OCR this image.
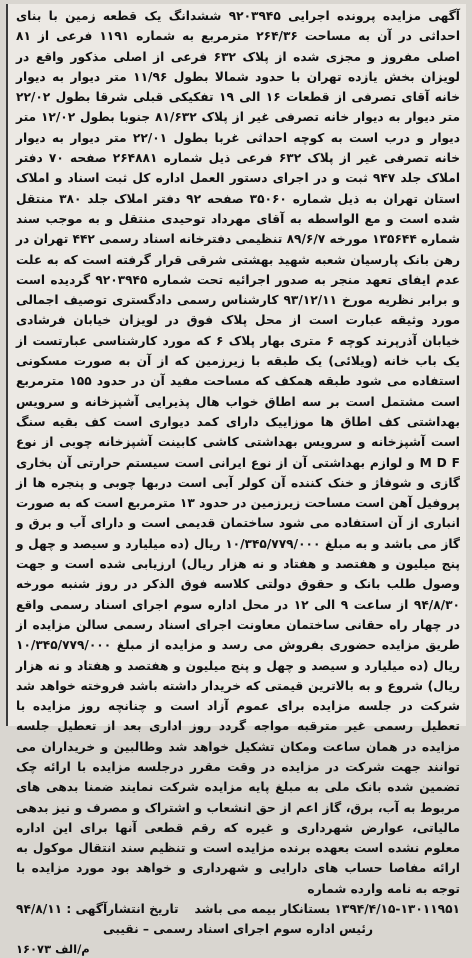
آگهی مزایده پرونده اجرایی ۹۲۰۳۹۴۵ ششدانگ یک قطعه زمین با بنای احداثی در آن به مساحت ۲۶۴/۳۶ مترمربع به شماره ۱۱۹۱ فرعی از ۸۱ اصلی مفروز و مجزی شده از پلاک ۶۳۲ فرعی از اصلی مذکور واقع در لویزان بخش یازده تهران با حدود شمالا بطول ۱۱/۹۶ متر دیوار به دیوار خانه آقای تصرفی از قطعات ۱۶ الی ۱۹ تفکیکی قبلی شرقا بطول ۲۲/۰۲ متر دیوار به دیوار خانه تصرفی غیر از پلاک ۸۱/۶۳۲ جنوبا بطول ۱۲/۰۲ متر دیوار و درب است به کوچه احداثی غربا بطول ۲۲/۰۱ متر دیوار به دیوار خانه تصرفی غیر از پلاک ۶۳۲ فرعی ذیل شماره ۲۶۴۸۸۱ صفحه ۷۰ دفتر املاک جلد ۹۴۷ ثبت و در اجرای دستور العمل اداره کل ثبت اسناد و املاک استان تهران به ذیل شماره ۳۵۰۶۰ صفحه ۹۲ دفتر املاک جلد ۳۸۰ منتقل شده است و مع الواسطه به آقای مهرداد توحیدی منتقل و به موجب سند شماره ۱۳۵۶۴۴ مورخه ۸۹/۶/۷ تنظیمی دفترخانه اسناد رسمی ۴۴۲ تهران در رهن بانک پارسیان شعبه شهید بهشتی شرقی قرار گرفته است که به علت عدم ایفای تعهد منجر به صدور اجرائیه تحت شماره ۹۲۰۳۹۴۵ گردیده است و برابر نظریه مورخ ۹۳/۱۲/۱۱ کارشناس رسمی دادگستری توصیف اجمالی مورد وثیقه عبارت است از محل پلاک فوق در لویزان خیابان فرشادی خیابان آذرپرند کوچه ۶ متری بهار پلاک ۶ که مورد کارشناسی عبارتست از یک باب خانه (ویلائی) یک طبقه با زیرزمین که از آن به صورت مسکونی استفاده می شود طبقه همکف که مساحت مفید آن در حدود ۱۵۵ مترمربع است مشتمل است بر سه اطاق خواب هال پذیرایی آشپزخانه و سرویس بهداشتی کف اطاق ها موزاییک دارای کمد دیواری است کف بقیه سنگ است آشپزخانه و سرویس بهداشتی کاشی کابینت آشپزخانه چوبی از نوع M D F و لوازم بهداشتی آن از نوع ایرانی است سیستم حرارتی آن بخاری گازی و شوفاژ و خنک کننده آن کولر آبی است دربها چوبی و پنجره ها از پروفیل آهن است مساحت زیرزمین در حدود ۱۳ مترمربع است که به صورت انباری از آن استفاده می شود ساختمان قدیمی است و دارای آب و برق و گاز می باشد و به مبلغ ۱۰/۳۴۵/۷۷۹/۰۰۰ ریال (ده میلیارد و سیصد و چهل و پنج میلیون و هفتصد و هفتاد و نه هزار ریال) ارزیابی شده است و جهت وصول طلب بانک و حقوق دولتی کلاسه فوق الذکر در روز شنبه مورخه ۹۴/۸/۳۰ از ساعت ۹ الی ۱۲ در محل اداره سوم اجرای اسناد رسمی واقع در چهار راه حقانی ساختمان معاونت اجرای اسناد رسمی سالن مزایده از طریق مزایده حضوری بفروش می رسد و مزایده از مبلغ ۱۰/۳۴۵/۷۷۹/۰۰۰ ریال (ده میلیارد و سیصد و چهل و پنج میلیون و هفتصد و هفتاد و نه هزار ریال) شروع و به بالاترین قیمتی که خریدار داشته باشد فروخته خواهد شد شرکت در جلسه مزایده برای عموم آزاد است و چنانچه روز مزایده با تعطیل رسمی غیر مترقبه مواجه گردد روز اداری بعد از تعطیل جلسه مزایده در همان ساعت ومکان تشکیل خواهد شد وطالبین و خریداران می توانند جهت شرکت در مزایده در وقت مقرر درجلسه مزایده با ارائه چک تضمین شده بانک ملی به مبلغ پایه مزایده شرکت نمایند ضمنا بدهی های مربوط به آب، برق، گاز اعم از حق انشعاب و اشتراک و مصرف و نیز بدهی مالیاتی، عوارض شهرداری و غیره که رقم قطعی آنها برای این اداره معلوم نشده است بعهده برنده مزایده است و تنظیم سند انتقال موکول به ارائه مفاصا حساب های دارایی و شهرداری و خواهد بود مورد مزایده با توجه به نامه وارده شماره
۱۳۹۴/۴/۱۵-۱۳۰۱۱۹۵۱ بستانکار بیمه می باشد
تاریخ انتشارآگهی : ۹۴/۸/۱۱
رئیس اداره سوم اجرای اسناد رسمی – نقیبی
۱۶۰۷۳ م/الف
